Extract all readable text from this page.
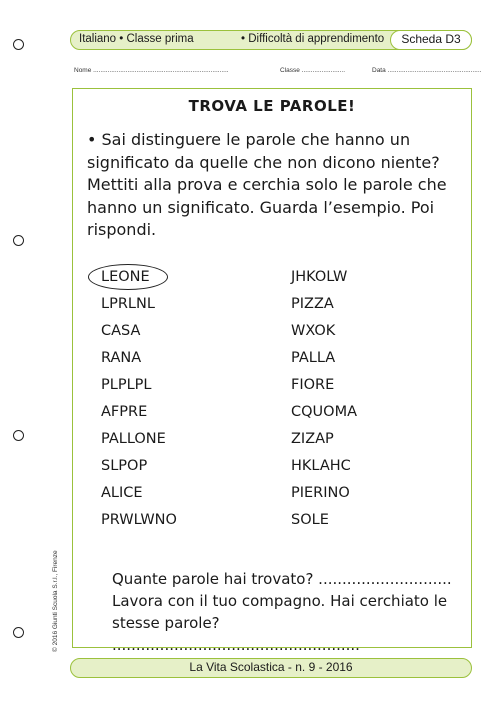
Italiano • Classe prima	• Difficoltà di apprendimento	Scheda D3
Nome ...........................................................................	Classe ........................	Data ....................................................
TROVA LE PAROLE!
• Sai distinguere le parole che hanno un significato da quelle che non dicono niente? Mettiti alla prova e cerchia solo le parole che hanno un significato. Guarda l’esempio. Poi rispondi.
LEONE
LPRLNL
CASA
RANA
PLPLPL
AFPRE
PALLONE
SLPOP
ALICE
PRWLWNO
JHKOLW
PIZZA
WXOK
PALLA
FIORE
CQUOMA
ZIZAP
HKLAHC
PIERINO
SOLE
Quante parole hai trovato? ............................
Lavora con il tuo compagno. Hai cerchiato le stesse parole? ....................................................
© 2016 Giunti Scuola S.r.l., Firenze
La Vita Scolastica - n. 9 - 2016
